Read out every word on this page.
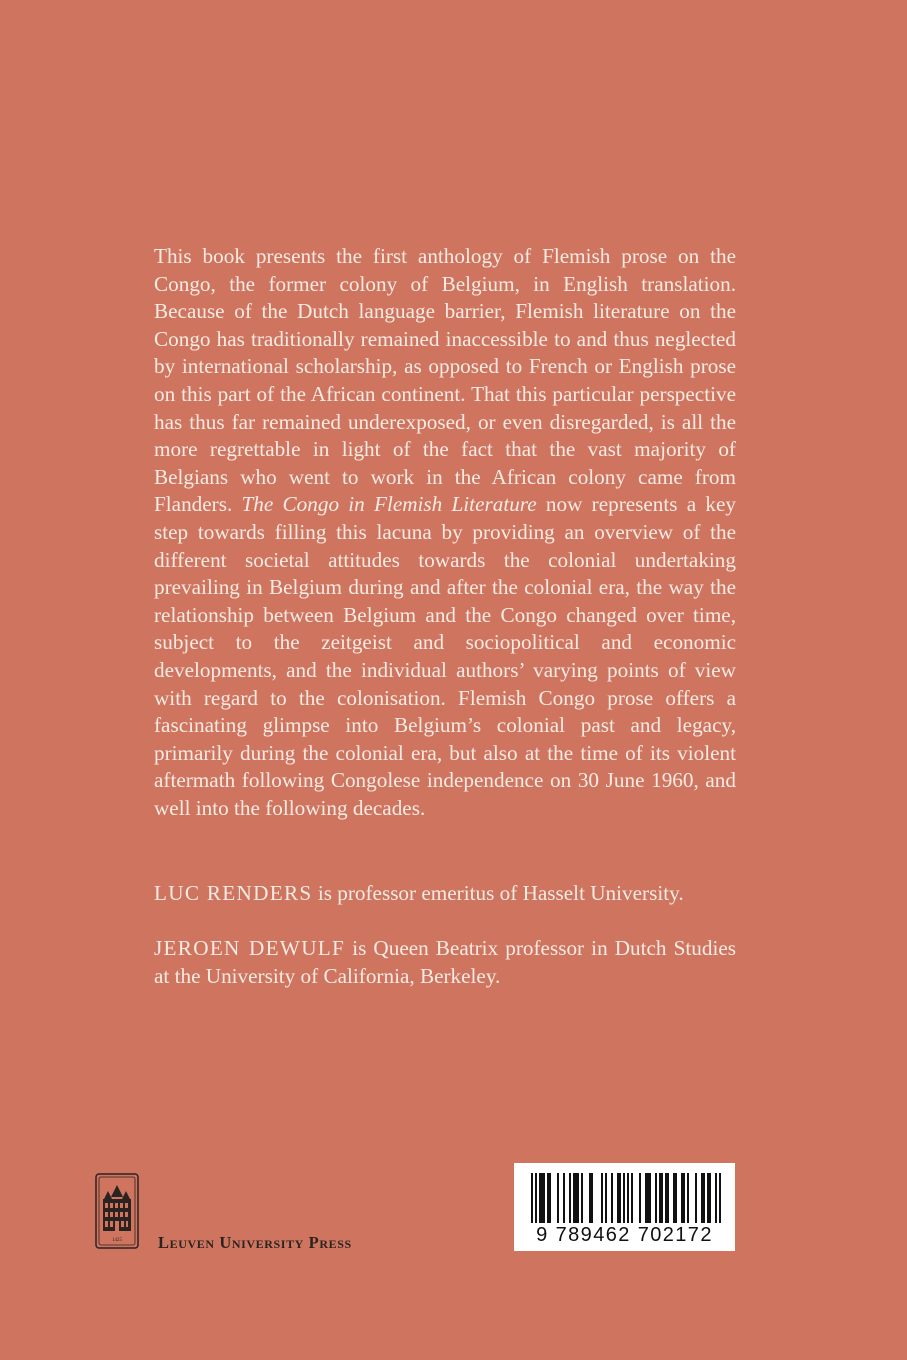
This book presents the first anthology of Flemish prose on the Congo, the former colony of Belgium, in English translation. Because of the Dutch language barrier, Flemish literature on the Congo has traditionally remained inaccessible to and thus neglected by international scholarship, as opposed to French or English prose on this part of the African continent. That this particular perspective has thus far remained underexposed, or even disregarded, is all the more regrettable in light of the fact that the vast majority of Belgians who went to work in the African colony came from Flanders. The Congo in Flemish Literature now represents a key step towards filling this lacuna by providing an overview of the different societal attitudes towards the colonial undertaking prevailing in Belgium during and after the colonial era, the way the relationship between Belgium and the Congo changed over time, subject to the zeitgeist and sociopolitical and economic developments, and the individual authors’ varying points of view with regard to the colonisation. Flemish Congo prose offers a fascinating glimpse into Belgium’s colonial past and legacy, primarily during the colonial era, but also at the time of its violent aftermath following Congolese independence on 30 June 1960, and well into the following decades.

LUC RENDERS is professor emeritus of Hasselt University.
JEROEN DEWULF is Queen Beatrix professor in Dutch Studies at the University of California, Berkeley.
1425 Leuven University Press	9 789462 702172
